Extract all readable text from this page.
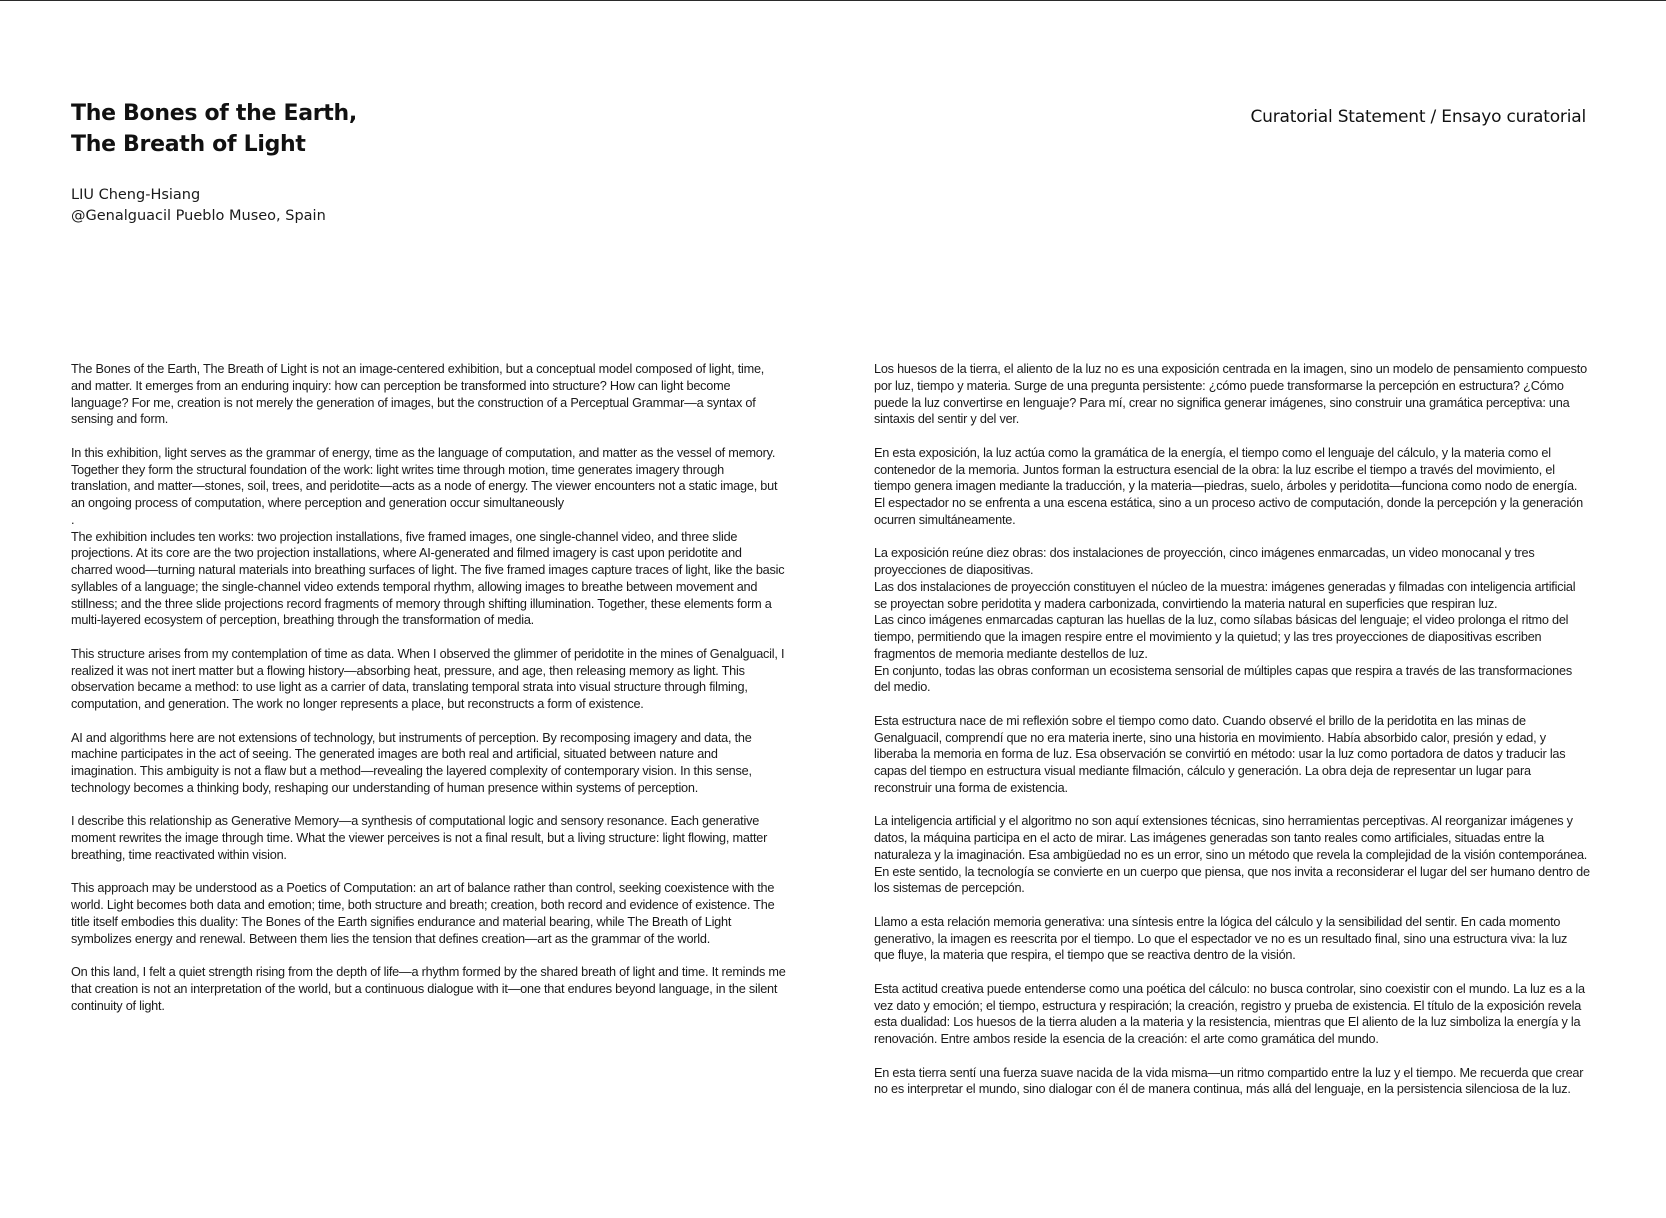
The Bones of the Earth,
The Breath of Light
Curatorial Statement / Ensayo curatorial
LIU Cheng-Hsiang
@Genalguacil Pueblo Museo, Spain

The Bones of the Earth, The Breath of Light is not an image-centered exhibition, but a conceptual model composed of light, time, and matter. It emerges from an enduring inquiry: how can perception be transformed into structure? How can light become language? For me, creation is not merely the generation of images, but the construction of a Perceptual Grammar—a syntax of sensing and form.

In this exhibition, light serves as the grammar of energy, time as the language of computation, and matter as the vessel of memory. Together they form the structural foundation of the work: light writes time through motion, time generates imagery through translation, and matter—stones, soil, trees, and peridotite—acts as a node of energy. The viewer encounters not a static image, but an ongoing process of computation, where perception and generation occur simultaneously

.

The exhibition includes ten works: two projection installations, five framed images, one single-channel video, and three slide projections. At its core are the two projection installations, where AI-generated and filmed imagery is cast upon peridotite and charred wood—turning natural materials into breathing surfaces of light. The five framed images capture traces of light, like the basic syllables of a language; the single-channel video extends temporal rhythm, allowing images to breathe between movement and stillness; and the three slide projections record fragments of memory through shifting illumination. Together, these elements form a multi-layered ecosystem of perception, breathing through the transformation of media.

This structure arises from my contemplation of time as data. When I observed the glimmer of peridotite in the mines of Genalguacil, I realized it was not inert matter but a flowing history—absorbing heat, pressure, and age, then releasing memory as light. This observation became a method: to use light as a carrier of data, translating temporal strata into visual structure through filming, computation, and generation. The work no longer represents a place, but reconstructs a form of existence.

AI and algorithms here are not extensions of technology, but instruments of perception. By recomposing imagery and data, the machine participates in the act of seeing. The generated images are both real and artificial, situated between nature and imagination. This ambiguity is not a flaw but a method—revealing the layered complexity of contemporary vision. In this sense, technology becomes a thinking body, reshaping our understanding of human presence within systems of perception.

I describe this relationship as Generative Memory—a synthesis of computational logic and sensory resonance. Each generative moment rewrites the image through time. What the viewer perceives is not a final result, but a living structure: light flowing, matter breathing, time reactivated within vision.

This approach may be understood as a Poetics of Computation: an art of balance rather than control, seeking coexistence with the world. Light becomes both data and emotion; time, both structure and breath; creation, both record and evidence of existence. The title itself embodies this duality: The Bones of the Earth signifies endurance and material bearing, while The Breath of Light symbolizes energy and renewal. Between them lies the tension that defines creation—art as the grammar of the world.

On this land, I felt a quiet strength rising from the depth of life—a rhythm formed by the shared breath of light and time. It reminds me that creation is not an interpretation of the world, but a continuous dialogue with it—one that endures beyond language, in the silent continuity of light.

Los huesos de la tierra, el aliento de la luz no es una exposición centrada en la imagen, sino un modelo de pensamiento compuesto por luz, tiempo y materia. Surge de una pregunta persistente: ¿cómo puede transformarse la percepción en estructura? ¿Cómo puede la luz convertirse en lenguaje? Para mí, crear no significa generar imágenes, sino construir una gramática perceptiva: una sintaxis del sentir y del ver.

En esta exposición, la luz actúa como la gramática de la energía, el tiempo como el lenguaje del cálculo, y la materia como el contenedor de la memoria. Juntos forman la estructura esencial de la obra: la luz escribe el tiempo a través del movimiento, el tiempo genera imagen mediante la traducción, y la materia—piedras, suelo, árboles y peridotita—funciona como nodo de energía. El espectador no se enfrenta a una escena estática, sino a un proceso activo de computación, donde la percepción y la generación ocurren simultáneamente.

La exposición reúne diez obras: dos instalaciones de proyección, cinco imágenes enmarcadas, un video monocanal y tres proyecciones de diapositivas.

Las dos instalaciones de proyección constituyen el núcleo de la muestra: imágenes generadas y filmadas con inteligencia artificial se proyectan sobre peridotita y madera carbonizada, convirtiendo la materia natural en superficies que respiran luz.

Las cinco imágenes enmarcadas capturan las huellas de la luz, como sílabas básicas del lenguaje; el video prolonga el ritmo del tiempo, permitiendo que la imagen respire entre el movimiento y la quietud; y las tres proyecciones de diapositivas escriben fragmentos de memoria mediante destellos de luz.

En conjunto, todas las obras conforman un ecosistema sensorial de múltiples capas que respira a través de las transformaciones del medio.

Esta estructura nace de mi reflexión sobre el tiempo como dato. Cuando observé el brillo de la peridotita en las minas de Genalguacil, comprendí que no era materia inerte, sino una historia en movimiento. Había absorbido calor, presión y edad, y liberaba la memoria en forma de luz. Esa observación se convirtió en método: usar la luz como portadora de datos y traducir las capas del tiempo en estructura visual mediante filmación, cálculo y generación. La obra deja de representar un lugar para reconstruir una forma de existencia.

La inteligencia artificial y el algoritmo no son aquí extensiones técnicas, sino herramientas perceptivas. Al reorganizar imágenes y datos, la máquina participa en el acto de mirar. Las imágenes generadas son tanto reales como artificiales, situadas entre la naturaleza y la imaginación. Esa ambigüedad no es un error, sino un método que revela la complejidad de la visión contemporánea. En este sentido, la tecnología se convierte en un cuerpo que piensa, que nos invita a reconsiderar el lugar del ser humano dentro de los sistemas de percepción.

Llamo a esta relación memoria generativa: una síntesis entre la lógica del cálculo y la sensibilidad del sentir. En cada momento generativo, la imagen es reescrita por el tiempo. Lo que el espectador ve no es un resultado final, sino una estructura viva: la luz que fluye, la materia que respira, el tiempo que se reactiva dentro de la visión.

Esta actitud creativa puede entenderse como una poética del cálculo: no busca controlar, sino coexistir con el mundo. La luz es a la vez dato y emoción; el tiempo, estructura y respiración; la creación, registro y prueba de existencia. El título de la exposición revela esta dualidad: Los huesos de la tierra aluden a la materia y la resistencia, mientras que El aliento de la luz simboliza la energía y la renovación. Entre ambos reside la esencia de la creación: el arte como gramática del mundo.

En esta tierra sentí una fuerza suave nacida de la vida misma—un ritmo compartido entre la luz y el tiempo. Me recuerda que crear no es interpretar el mundo, sino dialogar con él de manera continua, más allá del lenguaje, en la persistencia silenciosa de la luz.
